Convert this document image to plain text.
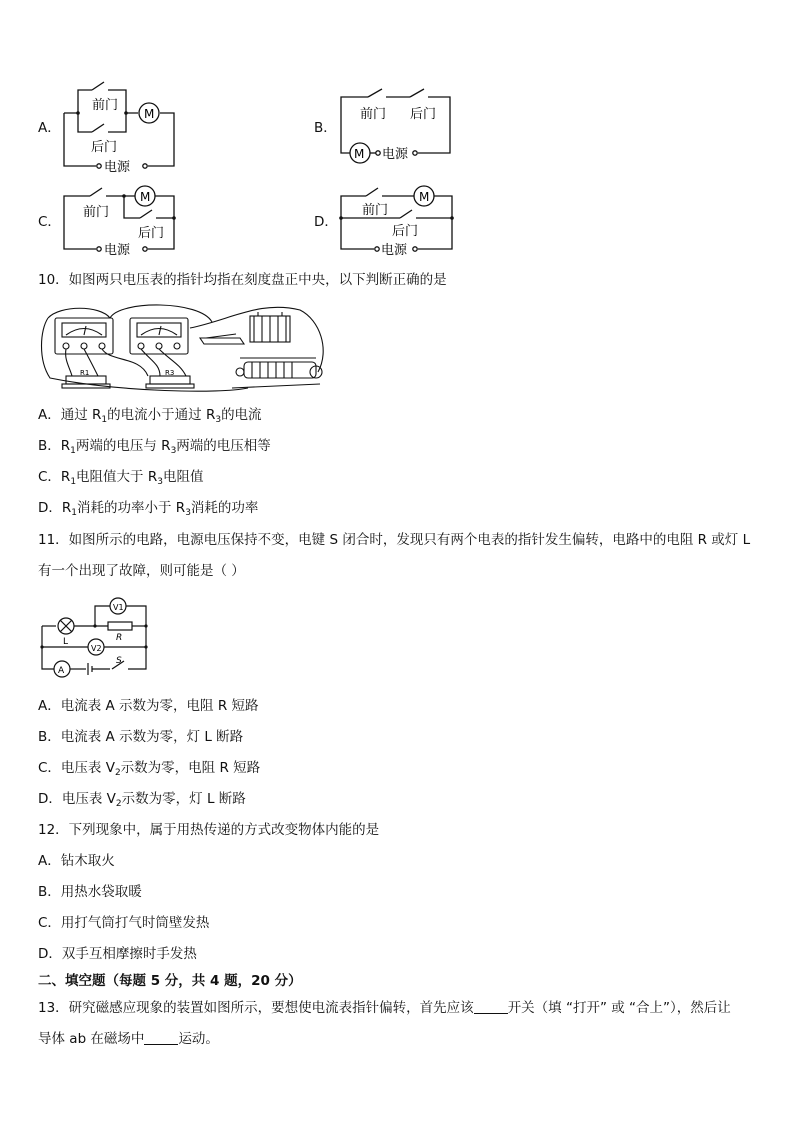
A．
M
前门
后门
电源
B．
M
前门 后门
电源
C．
M
前门
后门
电源
D．
M
前门
后门
电源
10．如图两只电压表的指针均指在刻度盘正中央，以下判断正确的是
R1	R3
A．通过 $R_1$的电流小于通过 $R_3$的电流
B．$R_1$两端的电压与 $R_3$两端的电压相等
C．$R_1$电阻值大于 $R_3$电阻值
D．$R_1$消耗的功率小于 $R_3$消耗的功率
11．如图所示的电路，电源电压保持不变，电键 S 闭合时，发现只有两个电表的指针发生偏转，电路中的电阻 R 或灯 L
有一个出现了故障，则可能是（ ）
V1
V2
R
L
A
S
A．电流表 A 示数为零，电阻 R 短路
B．电流表 A 示数为零，灯 L 断路
C．电压表 $V_2$示数为零，电阻 R 短路
D．电压表 $V_2$示数为零，灯 L 断路
12．下列现象中，属于用热传递的方式改变物体内能的是
A．钻木取火
B．用热水袋取暖
C．用打气筒打气时筒壁发热
D．双手互相摩擦时手发热
二、填空题（每题 5 分，共 4 题，20 分）
13．研究磁感应现象的装置如图所示，要想使电流表指针偏转，首先应该	开关（填 “打开” 或 “合上”），然后让
导体 ab 在磁场中	运动。
